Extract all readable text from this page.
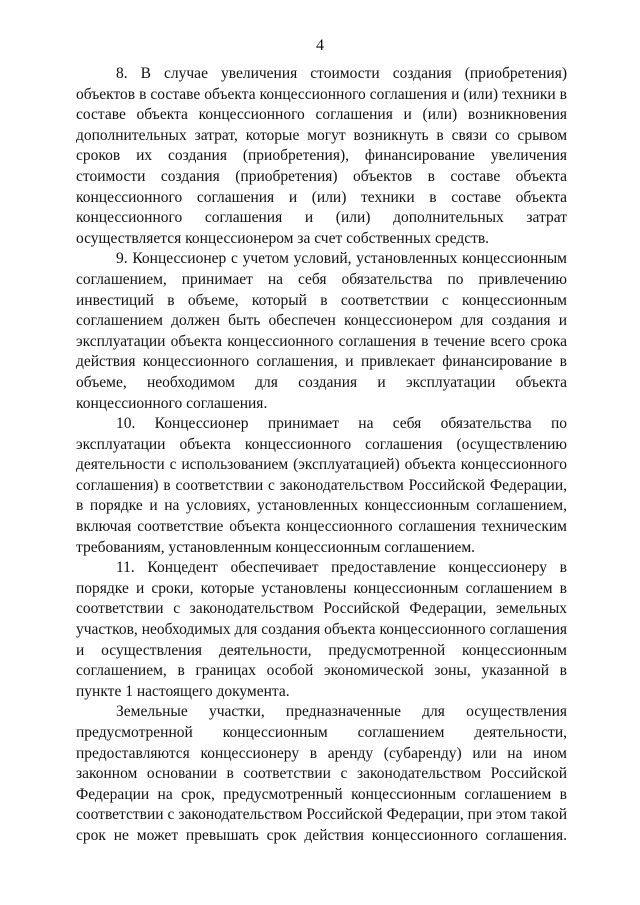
4

8. В случае увеличения стоимости создания (приобретения) объектов в составе объекта концессионного соглашения и (или) техники в составе объекта концессионного соглашения и (или) возникновения дополнительных затрат, которые могут возникнуть в связи со срывом сроков их создания (приобретения), финансирование увеличения стоимости создания (приобретения) объектов в составе объекта концессионного соглашения и (или) техники в составе объекта концессионного соглашения и (или) дополнительных затрат осуществляется концессионером за счет собственных средств.

9. Концессионер с учетом условий, установленных концессионным соглашением, принимает на себя обязательства по привлечению инвестиций в объеме, который в соответствии с концессионным соглашением должен быть обеспечен концессионером для создания и эксплуатации объекта концессионного соглашения в течение всего срока действия концессионного соглашения, и привлекает финансирование в объеме, необходимом для создания и эксплуатации объекта концессионного соглашения.

10. Концессионер принимает на себя обязательства по эксплуатации объекта концессионного соглашения (осуществлению деятельности с использованием (эксплуатацией) объекта концессионного соглашения) в соответствии с законодательством Российской Федерации, в порядке и на условиях, установленных концессионным соглашением, включая соответствие объекта концессионного соглашения техническим требованиям, установленным концессионным соглашением.

11. Концедент обеспечивает предоставление концессионеру в порядке и сроки, которые установлены концессионным соглашением в соответствии с законодательством Российской Федерации, земельных участков, необходимых для создания объекта концессионного соглашения и осуществления деятельности, предусмотренной концессионным соглашением, в границах особой экономической зоны, указанной в пункте 1 настоящего документа.

Земельные участки, предназначенные для осуществления предусмотренной концессионным соглашением деятельности, предоставляются концессионеру в аренду (субаренду) или на ином законном основании в соответствии с законодательством Российской Федерации на срок, предусмотренный концессионным соглашением в соответствии с законодательством Российской Федерации, при этом такой срок не может превышать срок действия концессионного соглашения.
